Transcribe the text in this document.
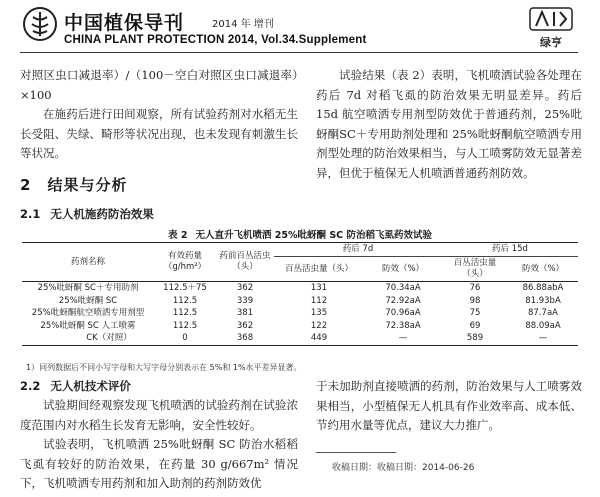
中国植保导刊	2014 年 增刊
CHINA PLANT PROTECTION 2014, Vol.34.Supplement	绿亨

对照区虫口减退率）/（100－空白对照区虫口减退率）×100

在施药后进行田间观察，所有试验药剂对水稻无生长受阻、失绿、畸形等状况出现，也未发现有刺激生长等状况。

试验结果（表 2）表明，飞机喷洒试验各处理在药后 7d 对稻飞虱的防治效果无明显差异。药后 15d 航空喷洒专用剂型防效优于普通药剂，25%吡蚜酮SC＋专用助剂处理和 25%吡蚜酮航空喷洒专用剂型处理的防治效果相当，与人工喷雾防效无显著差异，但优于植保无人机喷洒普通药剂防效。

2 结果与分析
2.1 无人机施药防治效果
表 2 无人直升飞机喷洒 25%吡蚜酮 SC 防治稻飞虱药效试验
药剂名称	有效药量（g/hm²）	药前百丛活虫（头）	药后 7d		药后 15d	
			百丛活虫量（头）	防效（%）	百丛活虫量（头）	防效（%）

25%吡蚜酮 SC＋专用助剂	112.5＋75	362	131	70.34aA	76	86.88abA
25%吡蚜酮 SC	112.5	339	112	72.92aA	98	81.93bA
25%吡蚜酮航空喷洒专用剂型	112.5	381	135	70.96aA	75	87.7aA
25%吡蚜酮 SC 人工喷雾	112.5	362	122	72.38aA	69	88.09aA
CK（对照）	0	368	449	—	589	—
1）同列数据后不同小写字母和大写字母分别表示在 5%和 1%水平差异显著。
2.2 无人机技术评价

试验期间经观察发现飞机喷洒的试验药剂在试验浓度范围内对水稻生长发育无影响，安全性较好。

试验表明，飞机喷洒 25%吡蚜酮 SC 防治水稻稻飞虱有较好的防治效果，在药量 30 g/667m² 情况下，飞机喷洒专用药剂和加入助剂的药剂防效优

于未加助剂直接喷洒的药剂，防治效果与人工喷雾效果相当，小型植保无人机具有作业效率高、成本低、节约用水量等优点，建议大力推广。

收稿日期：收稿日期：2014-06-26
